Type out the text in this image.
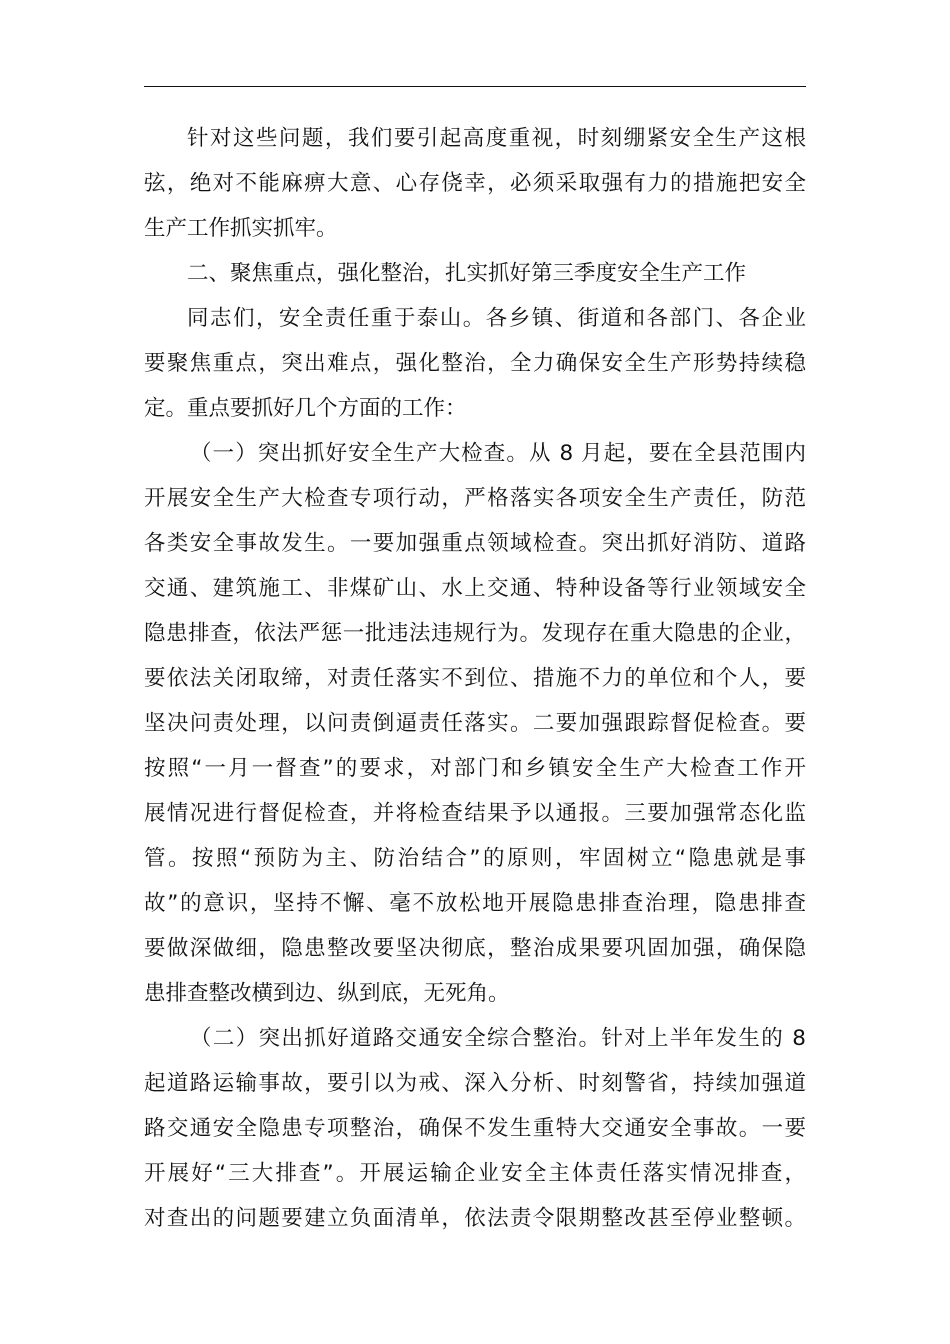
针对这些问题，我们要引起高度重视，时刻绷紧安全生产这根
弦，绝对不能麻痹大意、心存侥幸，必须采取强有力的措施把安全
生产工作抓实抓牢。
二、聚焦重点，强化整治，扎实抓好第三季度安全生产工作
同志们，安全责任重于泰山。各乡镇、街道和各部门、各企业
要聚焦重点，突出难点，强化整治，全力确保安全生产形势持续稳
定。重点要抓好几个方面的工作：
（一）突出抓好安全生产大检查。从 8 月起，要在全县范围内
开展安全生产大检查专项行动，严格落实各项安全生产责任，防范
各类安全事故发生。一要加强重点领域检查。突出抓好消防、道路
交通、建筑施工、非煤矿山、水上交通、特种设备等行业领域安全
隐患排查，依法严惩一批违法违规行为。发现存在重大隐患的企业，
要依法关闭取缔，对责任落实不到位、措施不力的单位和个人，要
坚决问责处理，以问责倒逼责任落实。二要加强跟踪督促检查。要
按照“一月一督查”的要求，对部门和乡镇安全生产大检查工作开
展情况进行督促检查，并将检查结果予以通报。三要加强常态化监
管。按照“预防为主、防治结合”的原则，牢固树立“隐患就是事
故”的意识，坚持不懈、毫不放松地开展隐患排查治理，隐患排查
要做深做细，隐患整改要坚决彻底，整治成果要巩固加强，确保隐
患排查整改横到边、纵到底，无死角。
（二）突出抓好道路交通安全综合整治。针对上半年发生的 8
起道路运输事故，要引以为戒、深入分析、时刻警省，持续加强道
路交通安全隐患专项整治，确保不发生重特大交通安全事故。一要
开展好“三大排查”。开展运输企业安全主体责任落实情况排查，
对查出的问题要建立负面清单，依法责令限期整改甚至停业整顿。
